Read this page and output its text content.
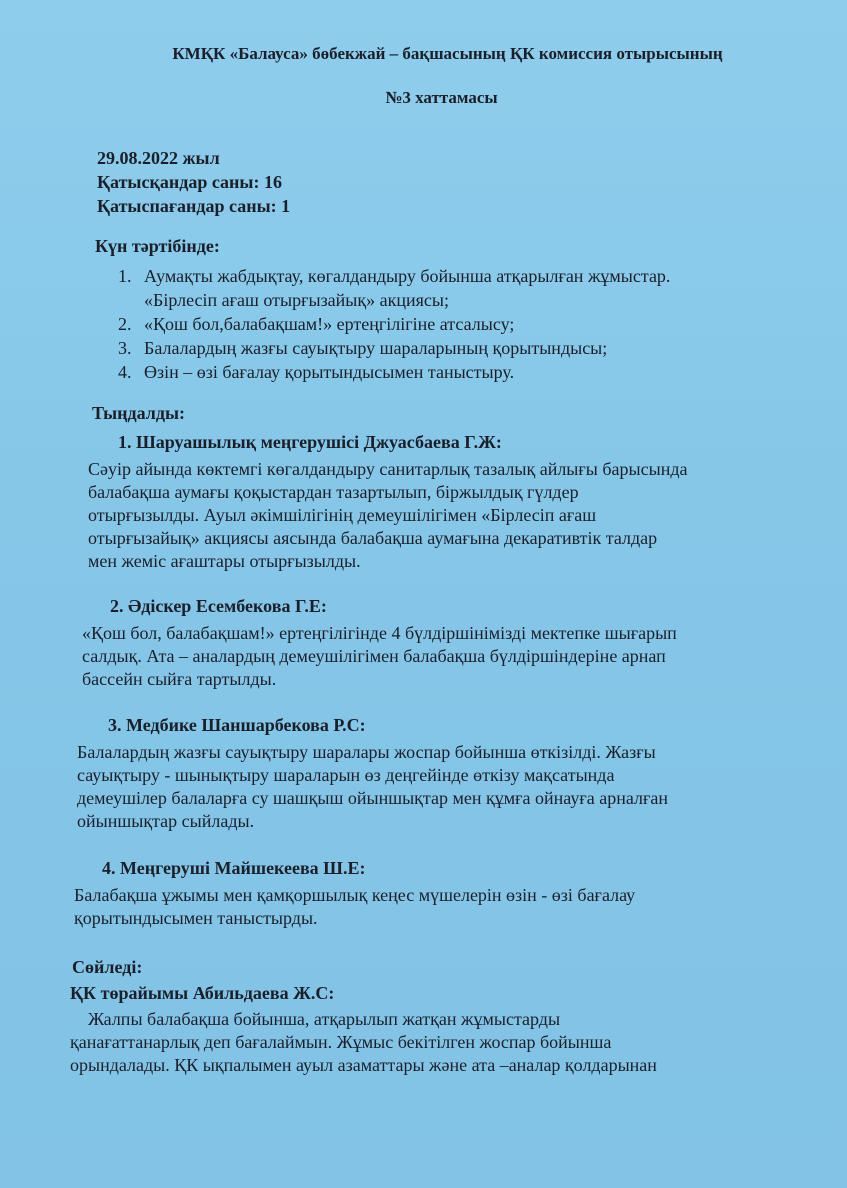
КМҚК «Балауса» бөбекжай – бақшасының ҚК комиссия отырысының
№3 хаттамасы
29.08.2022 жыл
Қатысқандар саны: 16
Қатыспағандар саны: 1
Күн тәртібінде:
1. Аумақты жабдықтау, көгалдандыру бойынша атқарылған жұмыстар.
«Бірлесіп ағаш отырғызайық» акциясы;
2. «Қош бол,балабақшам!» ертеңгілігіне атсалысу;
3. Балалардың жазғы сауықтыру шараларының қорытындысы;
4. Өзін – өзі бағалау қорытындысымен таныстыру.
Тыңдалды:
1. Шаруашылық меңгерушісі Джуасбаева Г.Ж:
Сәуір айында көктемгі көгалдандыру санитарлық тазалық айлығы барысында
балабақша аумағы қоқыстардан тазартылып, біржылдық гүлдер
отырғызылды. Ауыл әкімшілігінің демеушілігімен «Бірлесіп ағаш
отырғызайық» акциясы аясында балабақша аумағына декаративтік талдар
мен жеміс ағаштары отырғызылды.
2. Әдіскер Есембекова Г.Е:
«Қош бол, балабақшам!» ертеңгілігінде 4 бүлдіршінімізді мектепке шығарып
салдық. Ата – аналардың демеушілігімен балабақша бүлдіршіндеріне арнап
бассейн сыйға тартылды.
3. Медбике Шаншарбекова Р.С:
Балалардың жазғы сауықтыру шаралары жоспар бойынша өткізілді. Жазғы
сауықтыру - шынықтыру шараларын өз деңгейінде өткізу мақсатында
демеушілер балаларға су шашқыш ойыншықтар мен құмға ойнауға арналған
ойыншықтар сыйлады.
4. Меңгеруші Майшекеева Ш.Е:
Балабақша ұжымы мен қамқоршылық кеңес мүшелерін өзін - өзі бағалау
қорытындысымен таныстырды.
Сөйледі:
ҚК төрайымы Абильдаева Ж.С:
Жалпы балабақша бойынша, атқарылып жатқан жұмыстарды
қанағаттанарлық деп бағалаймын. Жұмыс бекітілген жоспар бойынша
орындалады. ҚК ықпалымен ауыл азаматтары және ата –аналар қолдарынан
